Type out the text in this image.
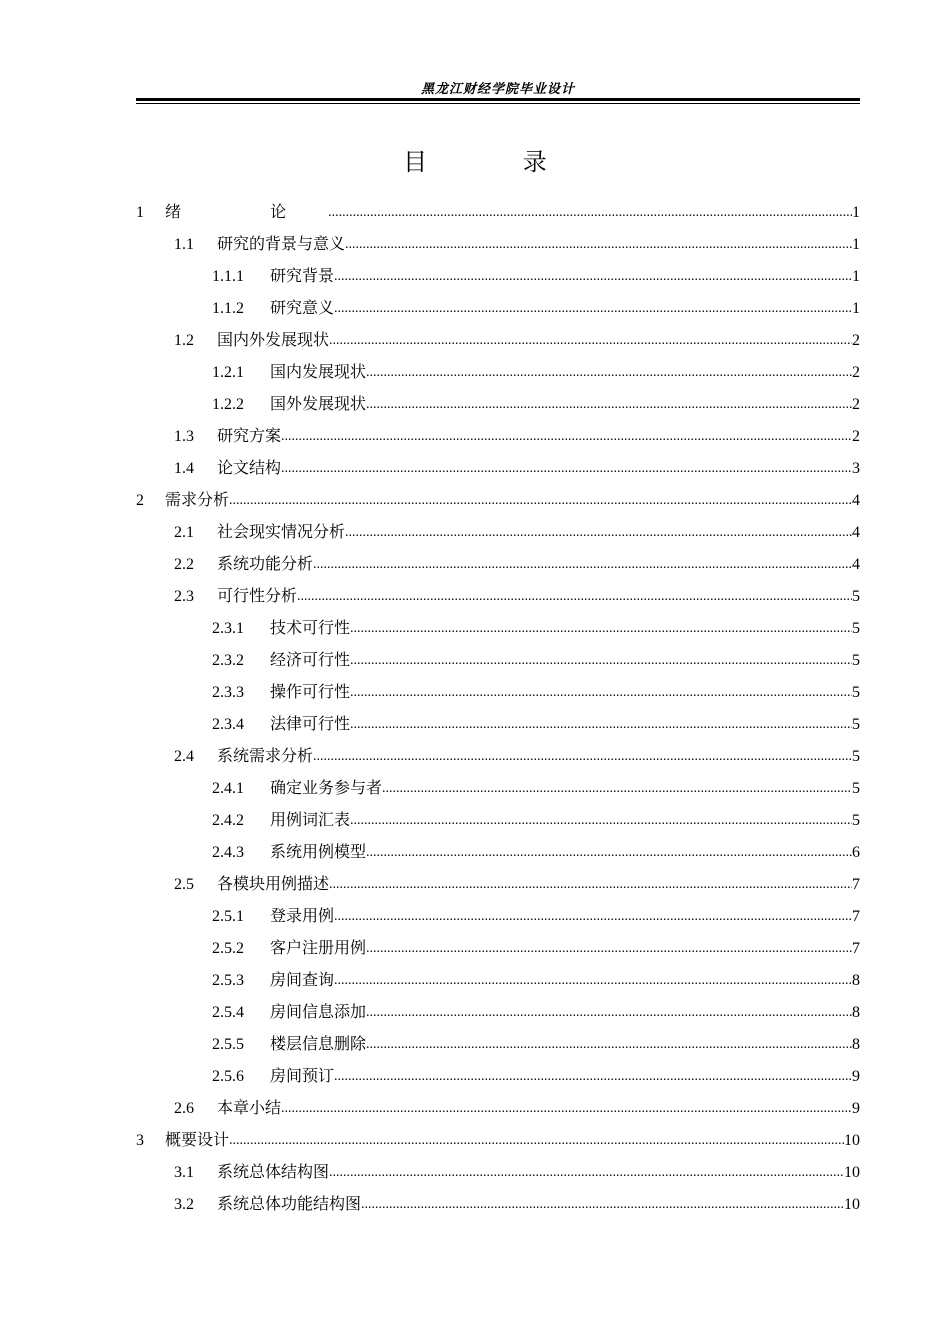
黑龙江财经学院毕业设计
目 录
1	绪 论 .....	1
1.1	研究的背景与意义 .....	1
1.1.1	研究背景 .....	1
1.1.2	研究意义 .....	1
1.2	国内外发展现状 .....	2
1.2.1	国内发展现状 .....	2
1.2.2	国外发展现状 .....	2
1.3	研究方案 .....	2
1.4	论文结构 .....	3
2	需求分析 .....	4
2.1	社会现实情况分析 .....	4
2.2	系统功能分析 .....	4
2.3	可行性分析 .....	5
2.3.1	技术可行性 .....	5
2.3.2	经济可行性 .....	5
2.3.3	操作可行性 .....	5
2.3.4	法律可行性 .....	5
2.4	系统需求分析 .....	5
2.4.1	确定业务参与者 .....	5
2.4.2	用例词汇表 .....	5
2.4.3	系统用例模型 .....	6
2.5	各模块用例描述 .....	7
2.5.1	登录用例 .....	7
2.5.2	客户注册用例 .....	7
2.5.3	房间查询 .....	8
2.5.4	房间信息添加 .....	8
2.5.5	楼层信息删除 .....	8
2.5.6	房间预订 .....	9
2.6	本章小结 .....	9
3	概要设计 .....	10
3.1	系统总体结构图 .....	10
3.2	系统总体功能结构图 .....	10
